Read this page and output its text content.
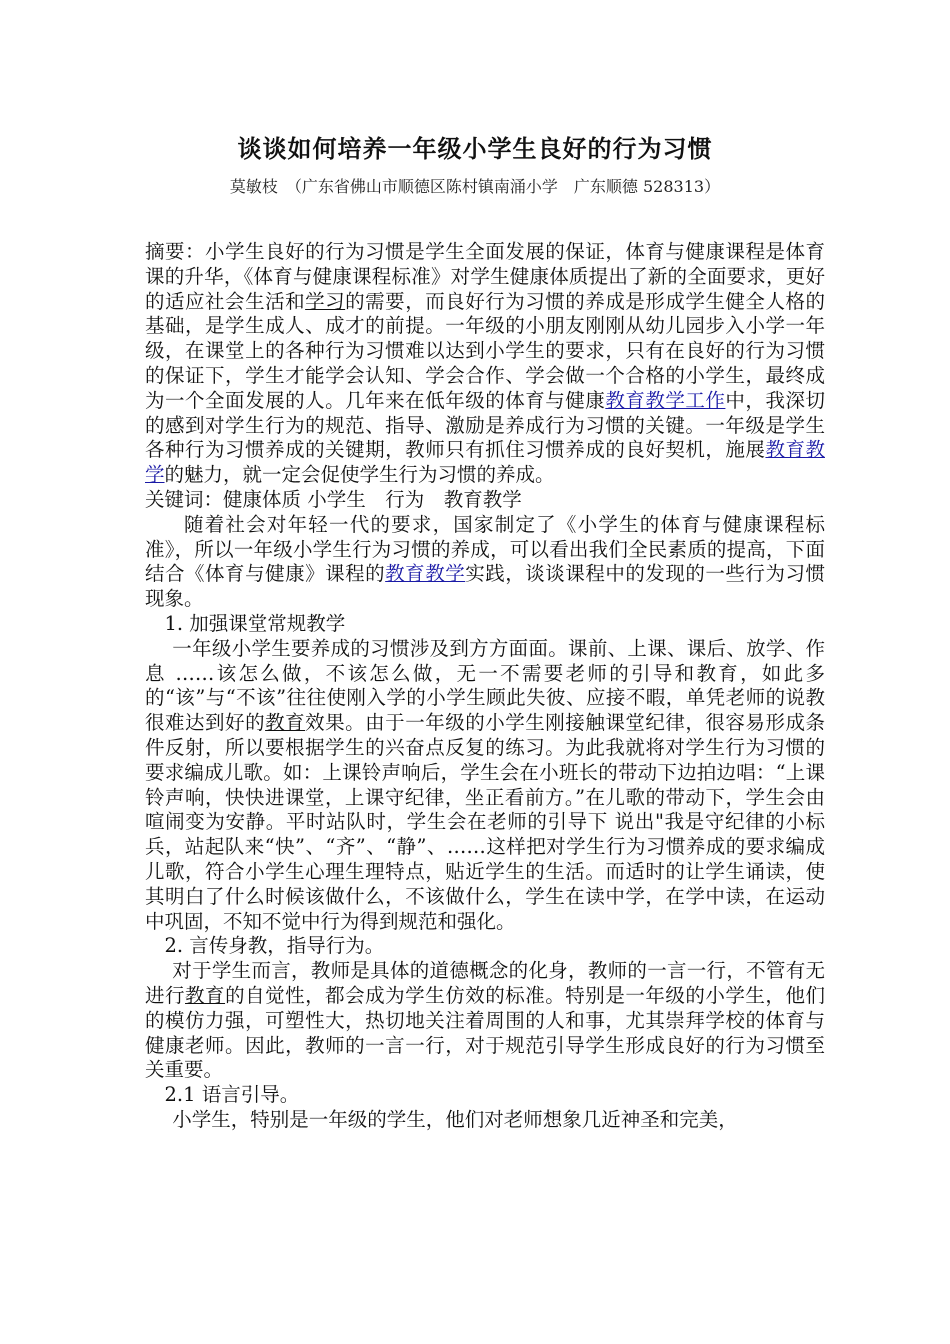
谈谈如何培养一年级小学生良好的行为习惯
莫敏枝　（广东省佛山市顺德区陈村镇南涌小学　广东顺德 528313）

摘要：小学生良好的行为习惯是学生全面发展的保证，体育与健康课程是体育课的升华，《体育与健康课程标准》对学生健康体质提出了新的全面要求，更好的适应社会生活和学习的需要，而良好行为习惯的养成是形成学生健全人格的基础，是学生成人、成才的前提。一年级的小朋友刚刚从幼儿园步入小学一年级，在课堂上的各种行为习惯难以达到小学生的要求，只有在良好的行为习惯的保证下，学生才能学会认知、学会合作、学会做一个合格的小学生，最终成为一个全面发展的人。几年来在低年级的体育与健康教育教学工作中，我深切的感到对学生行为的规范、指导、激励是养成行为习惯的关键。一年级是学生各种行为习惯养成的关键期，教师只有抓住习惯养成的良好契机，施展教育教学的魅力，就一定会促使学生行为习惯的养成。

关键词：健康体质 小学生　行为　教育教学

随着社会对年轻一代的要求，国家制定了《小学生的体育与健康课程标准》，所以一年级小学生行为习惯的养成，可以看出我们全民素质的提高，下面结合《体育与健康》课程的教育教学实践，谈谈课程中的发现的一些行为习惯现象。

1. 加强课堂常规教学

一年级小学生要养成的习惯涉及到方方面面。课前、上课、课后、放学、作息 ……该怎么做，不该怎么做，无一不需要老师的引导和教育，如此多的“该”与“不该”往往使刚入学的小学生顾此失彼、应接不暇，单凭老师的说教很难达到好的教育效果。由于一年级的小学生刚接触课堂纪律，很容易形成条件反射，所以要根据学生的兴奋点反复的练习。为此我就将对学生行为习惯的要求编成儿歌。如：上课铃声响后，学生会在小班长的带动下边拍边唱：“上课铃声响，快快进课堂，上课守纪律，坐正看前方。”在儿歌的带动下，学生会由喧闹变为安静。平时站队时，学生会在老师的引导下 说出"我是守纪律的小标兵，站起队来“快”、“齐”、“静”、……这样把对学生行为习惯养成的要求编成儿歌，符合小学生心理生理特点，贴近学生的生活。而适时的让学生诵读，使其明白了什么时候该做什么，不该做什么，学生在读中学，在学中读，在运动中巩固，不知不觉中行为得到规范和强化。

2. 言传身教，指导行为。

对于学生而言，教师是具体的道德概念的化身，教师的一言一行，不管有无进行教育的自觉性，都会成为学生仿效的标准。特别是一年级的小学生，他们的模仿力强，可塑性大，热切地关注着周围的人和事，尤其崇拜学校的体育与健康老师。因此，教师的一言一行，对于规范引导学生形成良好的行为习惯至关重要。

2.1 语言引导。

小学生，特别是一年级的学生，他们对老师想象几近神圣和完美，
